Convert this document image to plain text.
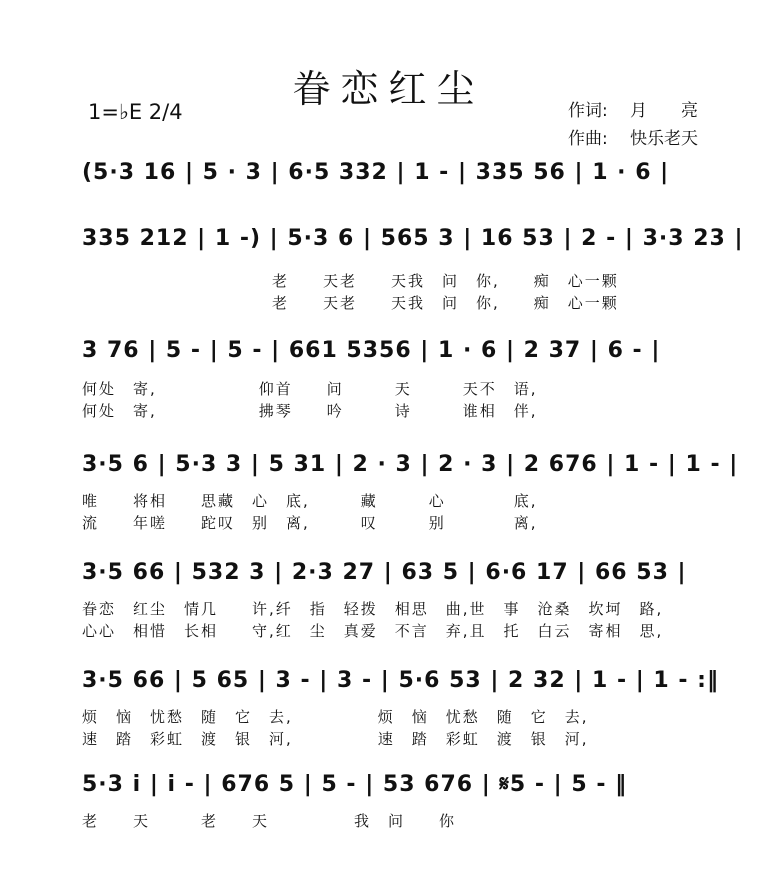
眷恋红尘
1=♭E 2/4	作词: 月　　亮
作曲: 快乐老天
(5·3 16 | 5 · 3 | 6·5 332 | 1 - | 335 56 | 1 · 6 |
335 212 | 1 -) | 5·3 6 | 565 3 | 16 53 | 2 - | 3·3 23 |
老　　天老　　天我　问　你,　　痴　心一颗
老　　天老　　天我　问　你,　　痴　心一颗
3 76 | 5 - | 5 - | 661 5356 | 1 · 6 | 2 37 | 6 - |
何处　寄,　　　　　　仰首　　问　　　天　　　天不　语,
何处　寄,　　　　　　拂琴　　吟　　　诗　　　谁相　伴,
3·5 6 | 5·3 3 | 5 31 | 2 · 3 | 2 · 3 | 2 676 | 1 - | 1 - |
唯　　将相　　思藏　心　底,　　　藏　　　心　　　　底,
流　　年嗟　　跎叹　别　离,　　　叹　　　别　　　　离,
3·5 66 | 532 3 | 2·3 27 | 63 5 | 6·6 17 | 66 53 |
眷恋　红尘　情几　　许,纤　指　轻拨　相思　曲,世　事　沧桑　坎坷　路,
心心　相惜　长相　　守,红　尘　真爱　不言　弃,且　托　白云　寄相　思,
3·5 66 | 5 65 | 3 - | 3 - | 5·6 53 | 2 32 | 1 - | 1 - :‖
烦　恼　忧愁　随　它　去,　　　　　烦　恼　忧愁　随　它　去,
速　踏　彩虹　渡　银　河,　　　　　速　踏　彩虹　渡　银　河,
5·3 i | i - | 676 5 | 5 - | 53 676 | 𝄋5 - | 5 - ‖
老　　天　　　老　　天　　　　　我　问　　你
